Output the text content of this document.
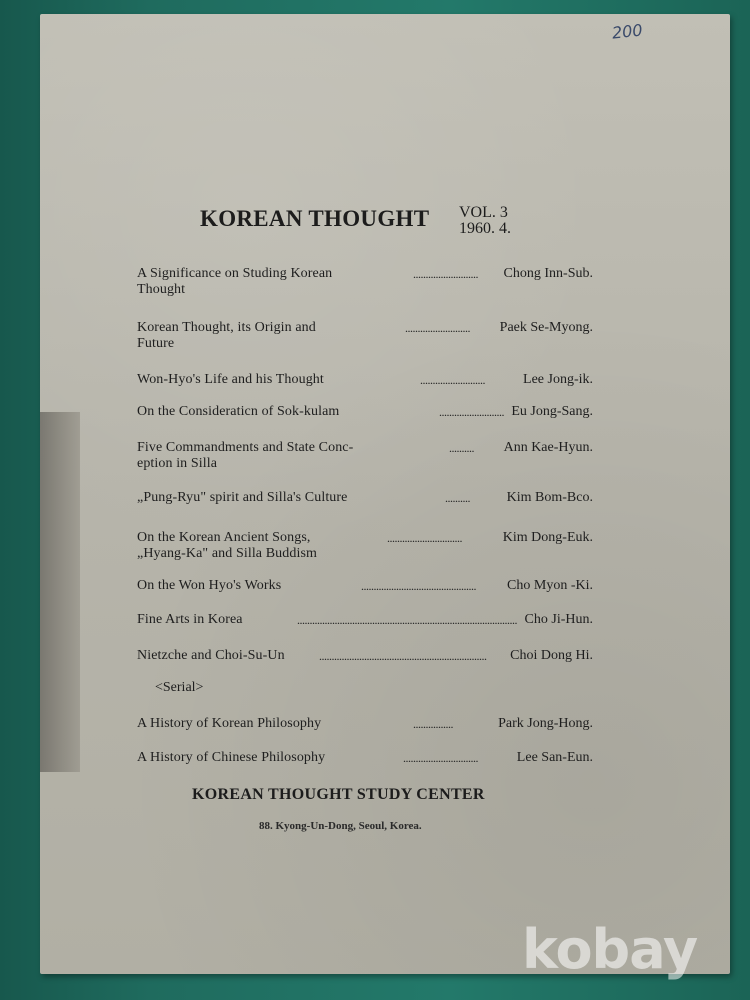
200
KOREAN THOUGHT VOL. 3
1960. 4.
A Significance on Studing Korean
Thought
.......................... Chong Inn-Sub.
Korean Thought, its Origin and
Future
.......................... Paek Se-Myong.
Won-Hyo's Life and his Thought	..........................	Lee Jong-ik.
On the Consideraticn of Sok-kulam	.......................... Eu Jong-Sang.
Five Commandments and State Conc-
eption in Silla
.......... Ann Kae-Hyun.
„Pung-Ryu" spirit and Silla's Culture	..........	Kim Bom-Bco.
On the Korean Ancient Songs,
„Hyang-Ka" and Silla Buddism
..............................	Kim Dong-Euk.
On the Won Hyo's Works	.............................................. Cho Myon -Ki.
Fine Arts in Korea	........................................................................................ Cho Ji-Hun.
Nietzche and Choi-Su-Un	................................................................... Choi Dong Hi.
A History of Korean Philosophy	................	Park Jong-Hong.
A History of Chinese Philosophy	..............................	Lee San-Eun.
<Serial>
KOREAN THOUGHT STUDY CENTER
88. Kyong-Un-Dong, Seoul, Korea.
kobay
